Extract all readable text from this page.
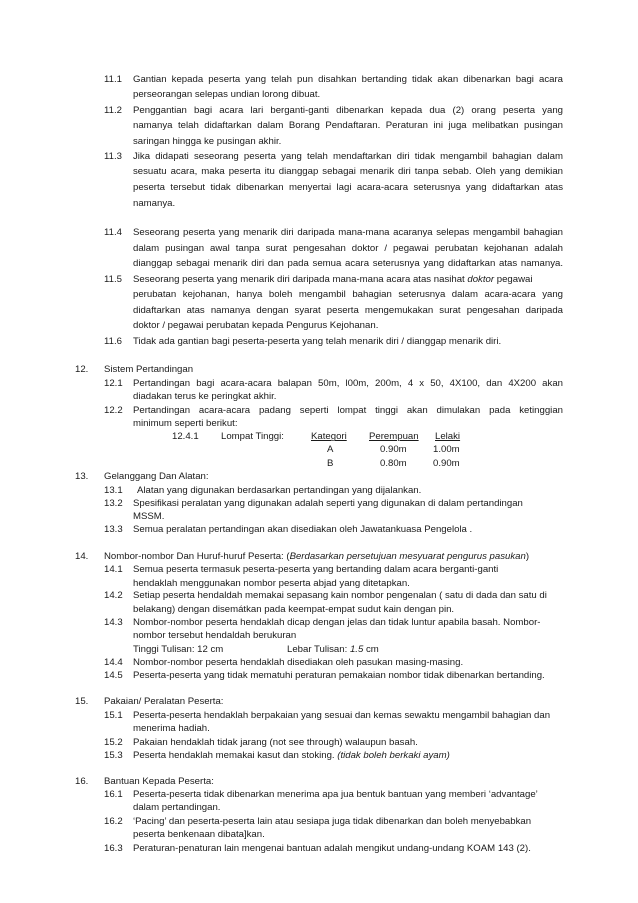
11.1 Gantian kepada peserta yang telah pun disahkan bertanding tidak akan dibenarkan bagi acara
perseorangan selepas undian lorong dibuat.
11.2 Penggantian bagi acara lari berganti-ganti dibenarkan kepada dua (2) orang peserta yang
namanya telah didaftarkan dalam Borang Pendaftaran. Peraturan ini juga melibatkan pusingan
saringan hingga ke pusingan akhir.
11.3 Jika didapati seseorang peserta yang telah mendaftarkan diri tidak mengambil bahagian dalam
sesuatu acara, maka peserta itu dianggap sebagai menarik diri tanpa sebab. Oleh yang demikian
peserta tersebut tidak dibenarkan menyertai lagi acara-acara seterusnya yang didaftarkan atas
namanya.
11.4 Seseorang peserta yang menarik diri daripada mana-mana acaranya selepas mengambil bahagian
dalam pusingan awal tanpa surat pengesahan doktor / pegawai perubatan kejohanan adalah
dianggap sebagai menarik diri dan pada semua acara seterusnya yang didaftarkan atas namanya.
11.5 Seseorang peserta yang menarik diri daripada mana-mana acara atas nasihat doktor pegawai
perubatan kejohanan, hanya boleh mengambil bahagian seterusnya dalam acara-acara yang
didaftarkan atas namanya dengan syarat peserta mengemukakan surat pengesahan daripada
doktor / pegawai perubatan kepada Pengurus Kejohanan.
11.6 Tidak ada gantian bagi peserta-peserta yang telah menarik diri / dianggap menarik diri.
12. Sistem Pertandingan
12.1 Pertandingan bagi acara-acara balapan 50m, l00m, 200m, 4 x 50, 4X100, dan 4X200 akan
diadakan terus ke peringkat akhir.
12.2 Pertandingan acara-acara padang seperti lompat tinggi akan dimulakan pada ketinggian
minimum seperti berikut:
12.4.1 Lompat Tinggi:	Kategori Perempuan Lelaki
A	0.90m	1.00m
B	0.80m	0.90m
13. Gelanggang Dan Alatan:
13.1 Alatan yang digunakan berdasarkan pertandingan yang dijalankan.
13.2 Spesifikasi peralatan yang digunakan adalah seperti yang digunakan di dalam pertandingan
MSSM.
13.3 Semua peralatan pertandingan akan disediakan oleh Jawatankuasa Pengelola .
14. Nombor-nombor Dan Huruf-huruf Peserta: (Berdasarkan persetujuan mesyuarat pengurus pasukan)
14.1 Semua peserta termasuk peserta-peserta yang bertanding dalam acara berganti-ganti
hendaklah menggunakan nombor peserta abjad yang ditetapkan.
14.2 Setiap peserta hendaldah memakai sepasang kain nombor pengenalan ( satu di dada dan satu di
belakang) dengan disemátkan pada keempat-empat sudut kain dengan pin.
14.3 Nombor-nombor peserta hendaklah dicap dengan jelas dan tidak luntur apabila basah. Nombor-
nombor tersebut hendaldah berukuran
Tinggi Tulisan: 12 cm	Lebar Tulisan: 1.5 cm
14.4 Nombor-nombor peserta hendaklah disediakan oleh pasukan masing-masing.
14.5 Peserta-peserta yang tidak mematuhi peraturan pemakaian nombor tidak dibenarkan bertanding.
15. Pakaian/ Peralatan Peserta:
15.1 Peserta-peserta hendaklah berpakaian yang sesuai dan kemas sewaktu mengambil bahagian dan
menerima hadiah.
15.2 Pakaian hendaklah tidak jarang (not see through) walaupun basah.
15.3 Peserta hendaklah memakai kasut dan stoking. (tidak boleh berkaki ayam)
16. Bantuan Kepada Peserta:
16.1 Peserta-peserta tidak dibenarkan menerima apa jua bentuk bantuan yang memberi ‘advantage’
dalam pertandingan.
16.2 ‘Pacing’ dan peserta-peserta lain atau sesiapa juga tidak dibenarkan dan boleh menyebabkan
peserta benkenaan dibata]kan.
16.3 Peraturan-penaturan lain mengenai bantuan adalah mengikut undang-undang KOAM 143 (2).
